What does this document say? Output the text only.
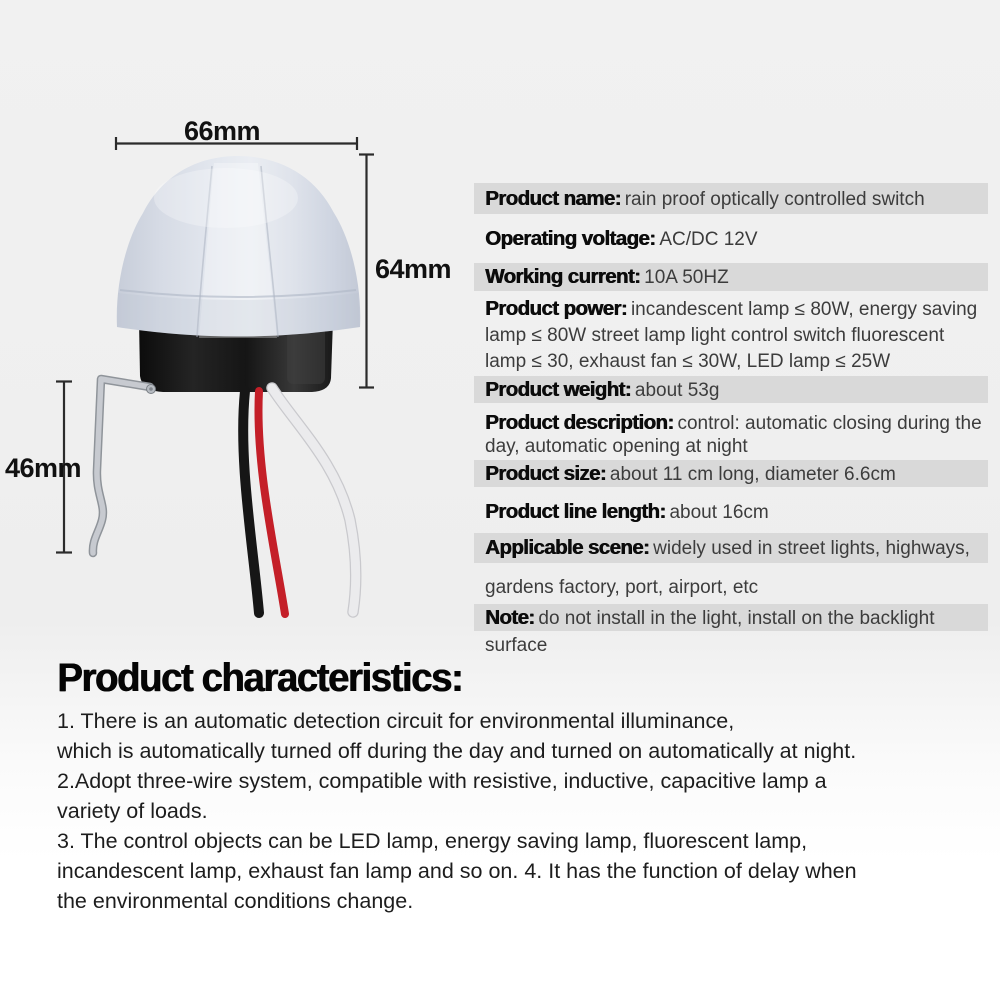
66mm
64mm
46mm
Product name: rain proof optically controlled switch
Operating voltage: AC/DC 12V
Working current: 10A 50HZ
Product power: incandescent lamp ≤ 80W, energy saving lamp ≤ 80W street lamp light control switch fluorescent lamp ≤ 30, exhaust fan ≤ 30W, LED lamp ≤ 25W
Product weight: about 53g
Product description: control: automatic closing during the day, automatic opening at night
Product size: about 11 cm long, diameter 6.6cm
Product line length: about 16cm
Applicable scene: widely used in street lights, highways,
gardens factory, port, airport, etc
Note: do not install in the light, install on the backlight
surface
Product characteristics:
1. There is an automatic detection circuit for environmental illuminance,
which is automatically turned off during the day and turned on automatically at night.
2.Adopt three-wire system, compatible with resistive, inductive, capacitive lamp a
variety of loads.
3. The control objects can be LED lamp, energy saving lamp, fluorescent lamp,
incandescent lamp, exhaust fan lamp and so on. 4. It has the function of delay when
the environmental conditions change.
